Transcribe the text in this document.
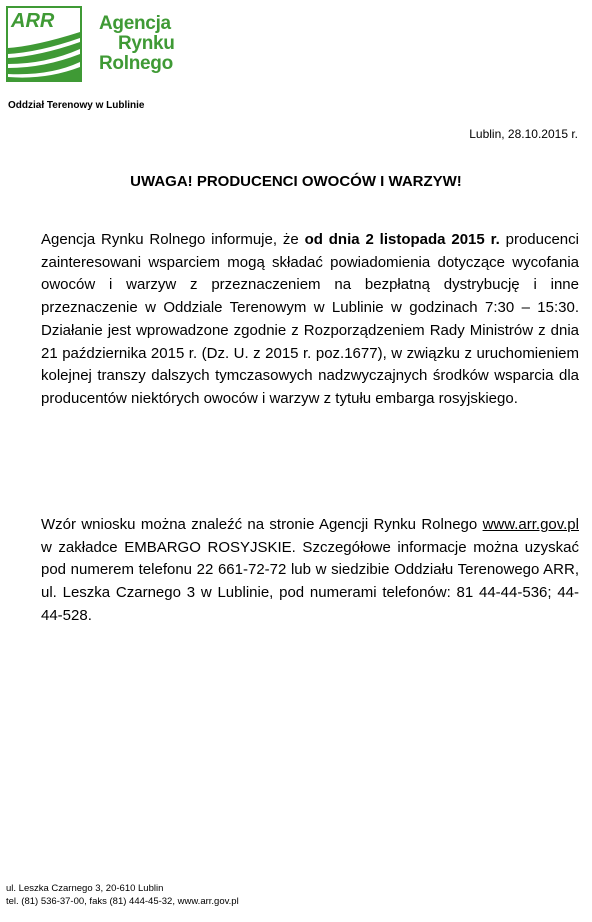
ARR Agencja
Rynku
Rolnego
Oddział Terenowy w Lublinie
Lublin, 28.10.2015 r.
UWAGA! PRODUCENCI OWOCÓW I WARZYW!
Agencja Rynku Rolnego informuje, że od dnia 2 listopada 2015 r. producenci zainteresowani wsparciem mogą składać powiadomienia dotyczące wycofania owoców i warzyw z przeznaczeniem na bezpłatną dystrybucję i inne przeznaczenie w Oddziale Terenowym w Lublinie w godzinach 7:30 – 15:30. Działanie jest wprowadzone zgodnie z Rozporządzeniem Rady Ministrów z dnia 21 października 2015 r. (Dz. U. z 2015 r. poz.1677), w związku z uruchomieniem kolejnej transzy dalszych tymczasowych nadzwyczajnych środków wsparcia dla producentów niektórych owoców i warzyw z tytułu embarga rosyjskiego.
Wzór wniosku można znaleźć na stronie Agencji Rynku Rolnego www.arr.gov.pl w zakładce EMBARGO ROSYJSKIE. Szczegółowe informacje można uzyskać pod numerem telefonu 22 661-72-72 lub w siedzibie Oddziału Terenowego ARR, ul. Leszka Czarnego 3 w Lublinie, pod numerami telefonów: 81 44-44-536; 44-44-528.
ul. Leszka Czarnego 3, 20-610 Lublin
tel. (81) 536-37-00, faks (81) 444-45-32, www.arr.gov.pl
